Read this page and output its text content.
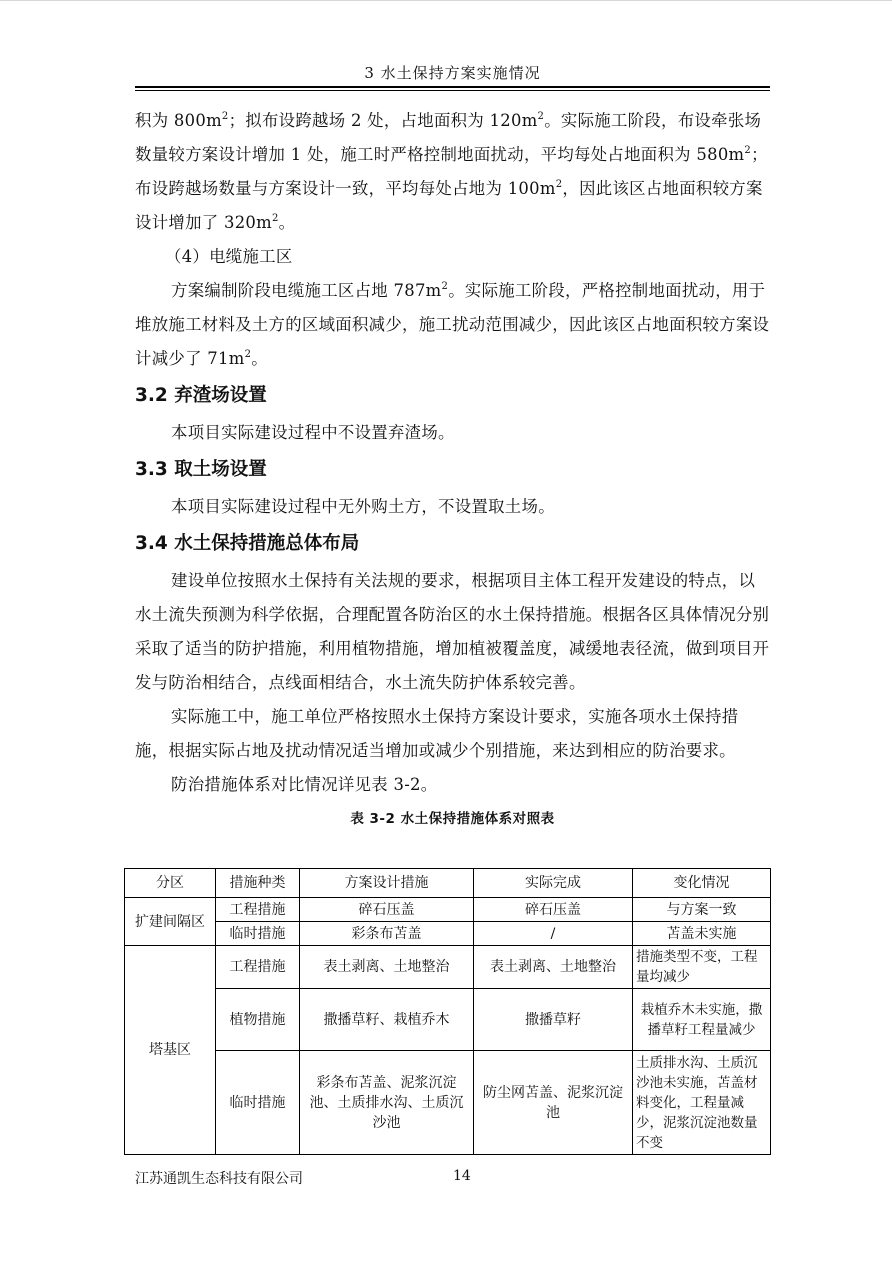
3 水土保持方案实施情况

积为 $800m^2$；拟布设跨越场 2 处，占地面积为 $120m^2$。实际施工阶段，布设牵张场数量较方案设计增加 1 处，施工时严格控制地面扰动，平均每处占地面积为 $580m^2$；布设跨越场数量与方案设计一致，平均每处占地为 $100m^2$，因此该区占地面积较方案设计增加了 $320m^2$。

（4）电缆施工区

方案编制阶段电缆施工区占地 $787m^2$。实际施工阶段，严格控制地面扰动，用于堆放施工材料及土方的区域面积减少，施工扰动范围减少，因此该区占地面积较方案设计减少了 $71m^2$。

3.2 弃渣场设置

本项目实际建设过程中不设置弃渣场。

3.3 取土场设置

本项目实际建设过程中无外购土方，不设置取土场。

3.4 水土保持措施总体布局

建设单位按照水土保持有关法规的要求，根据项目主体工程开发建设的特点，以水土流失预测为科学依据，合理配置各防治区的水土保持措施。根据各区具体情况分别采取了适当的防护措施，利用植物措施，增加植被覆盖度，减缓地表径流，做到项目开发与防治相结合，点线面相结合，水土流失防护体系较完善。

实际施工中，施工单位严格按照水土保持方案设计要求，实施各项水土保持措施，根据实际占地及扰动情况适当增加或减少个别措施，来达到相应的防治要求。

防治措施体系对比情况详见表 3-2。

表 3-2 水土保持措施体系对照表
分区	措施种类	方案设计措施	实际完成	变化情况
扩建间隔区	工程措施	碎石压盖	碎石压盖	与方案一致
	临时措施	彩条布苫盖	/	苫盖未实施
塔基区	工程措施	表土剥离、土地整治	表土剥离、土地整治	措施类型不变，工程量均减少
	植物措施	撒播草籽、栽植乔木	撒播草籽	栽植乔木未实施，撒播草籽工程量减少
	临时措施	彩条布苫盖、泥浆沉淀池、土质排水沟、土质沉沙池	防尘网苫盖、泥浆沉淀池	土质排水沟、土质沉沙池未实施，苫盖材料变化，工程量减少，泥浆沉淀池数量不变
江苏通凯生态科技有限公司	14
